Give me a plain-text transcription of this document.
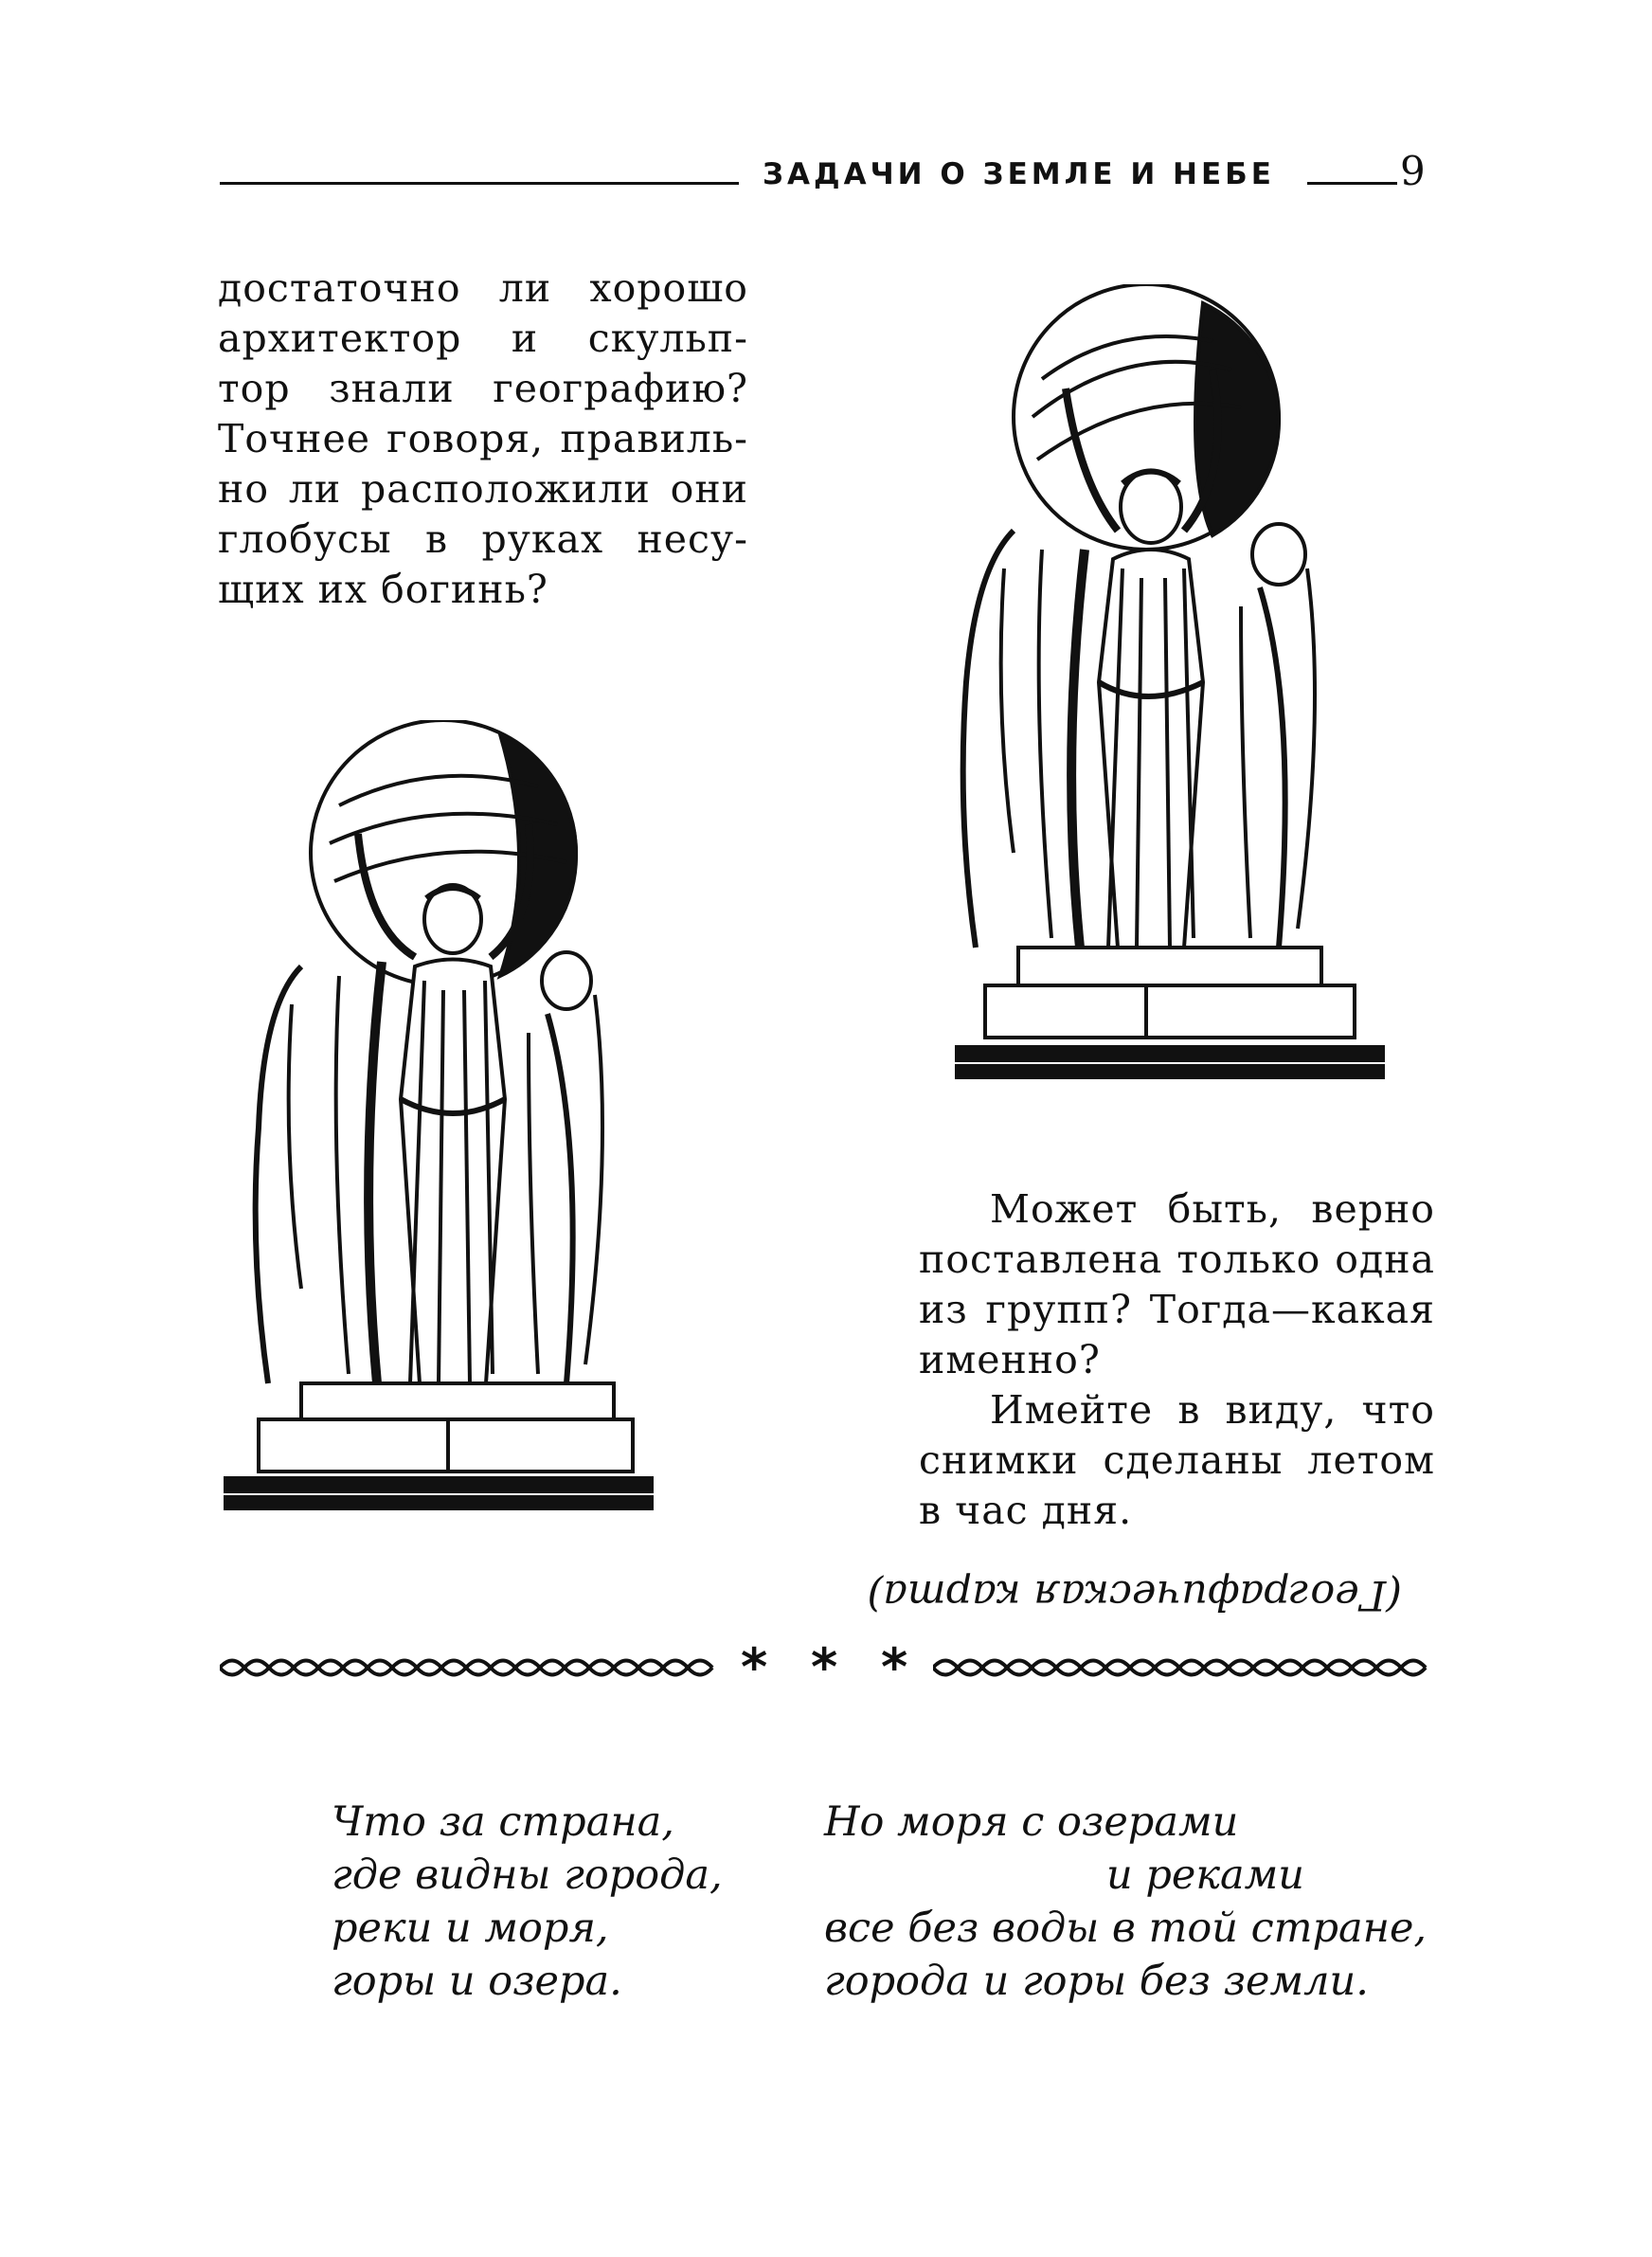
ЗАДАЧИ О ЗЕМЛЕ И НЕБЕ	9
достаточно ли хорошо
архитектор и скульп-
тор знали географию?
Точнее говоря, правиль-
но ли расположили они
глобусы в руках несу-
щих их богинь?
Может быть, верно
поставлена только одна
из групп? Тогда—какая
именно?
Имейте в виду, что
снимки сделаны летом
в час дня.
* * *
Что за страна,
где видны города,
реки и моря,
горы и озера.
Но моря с озерами
и реками
все без воды в той стране,
города и горы без земли.
(Географическая карта)
